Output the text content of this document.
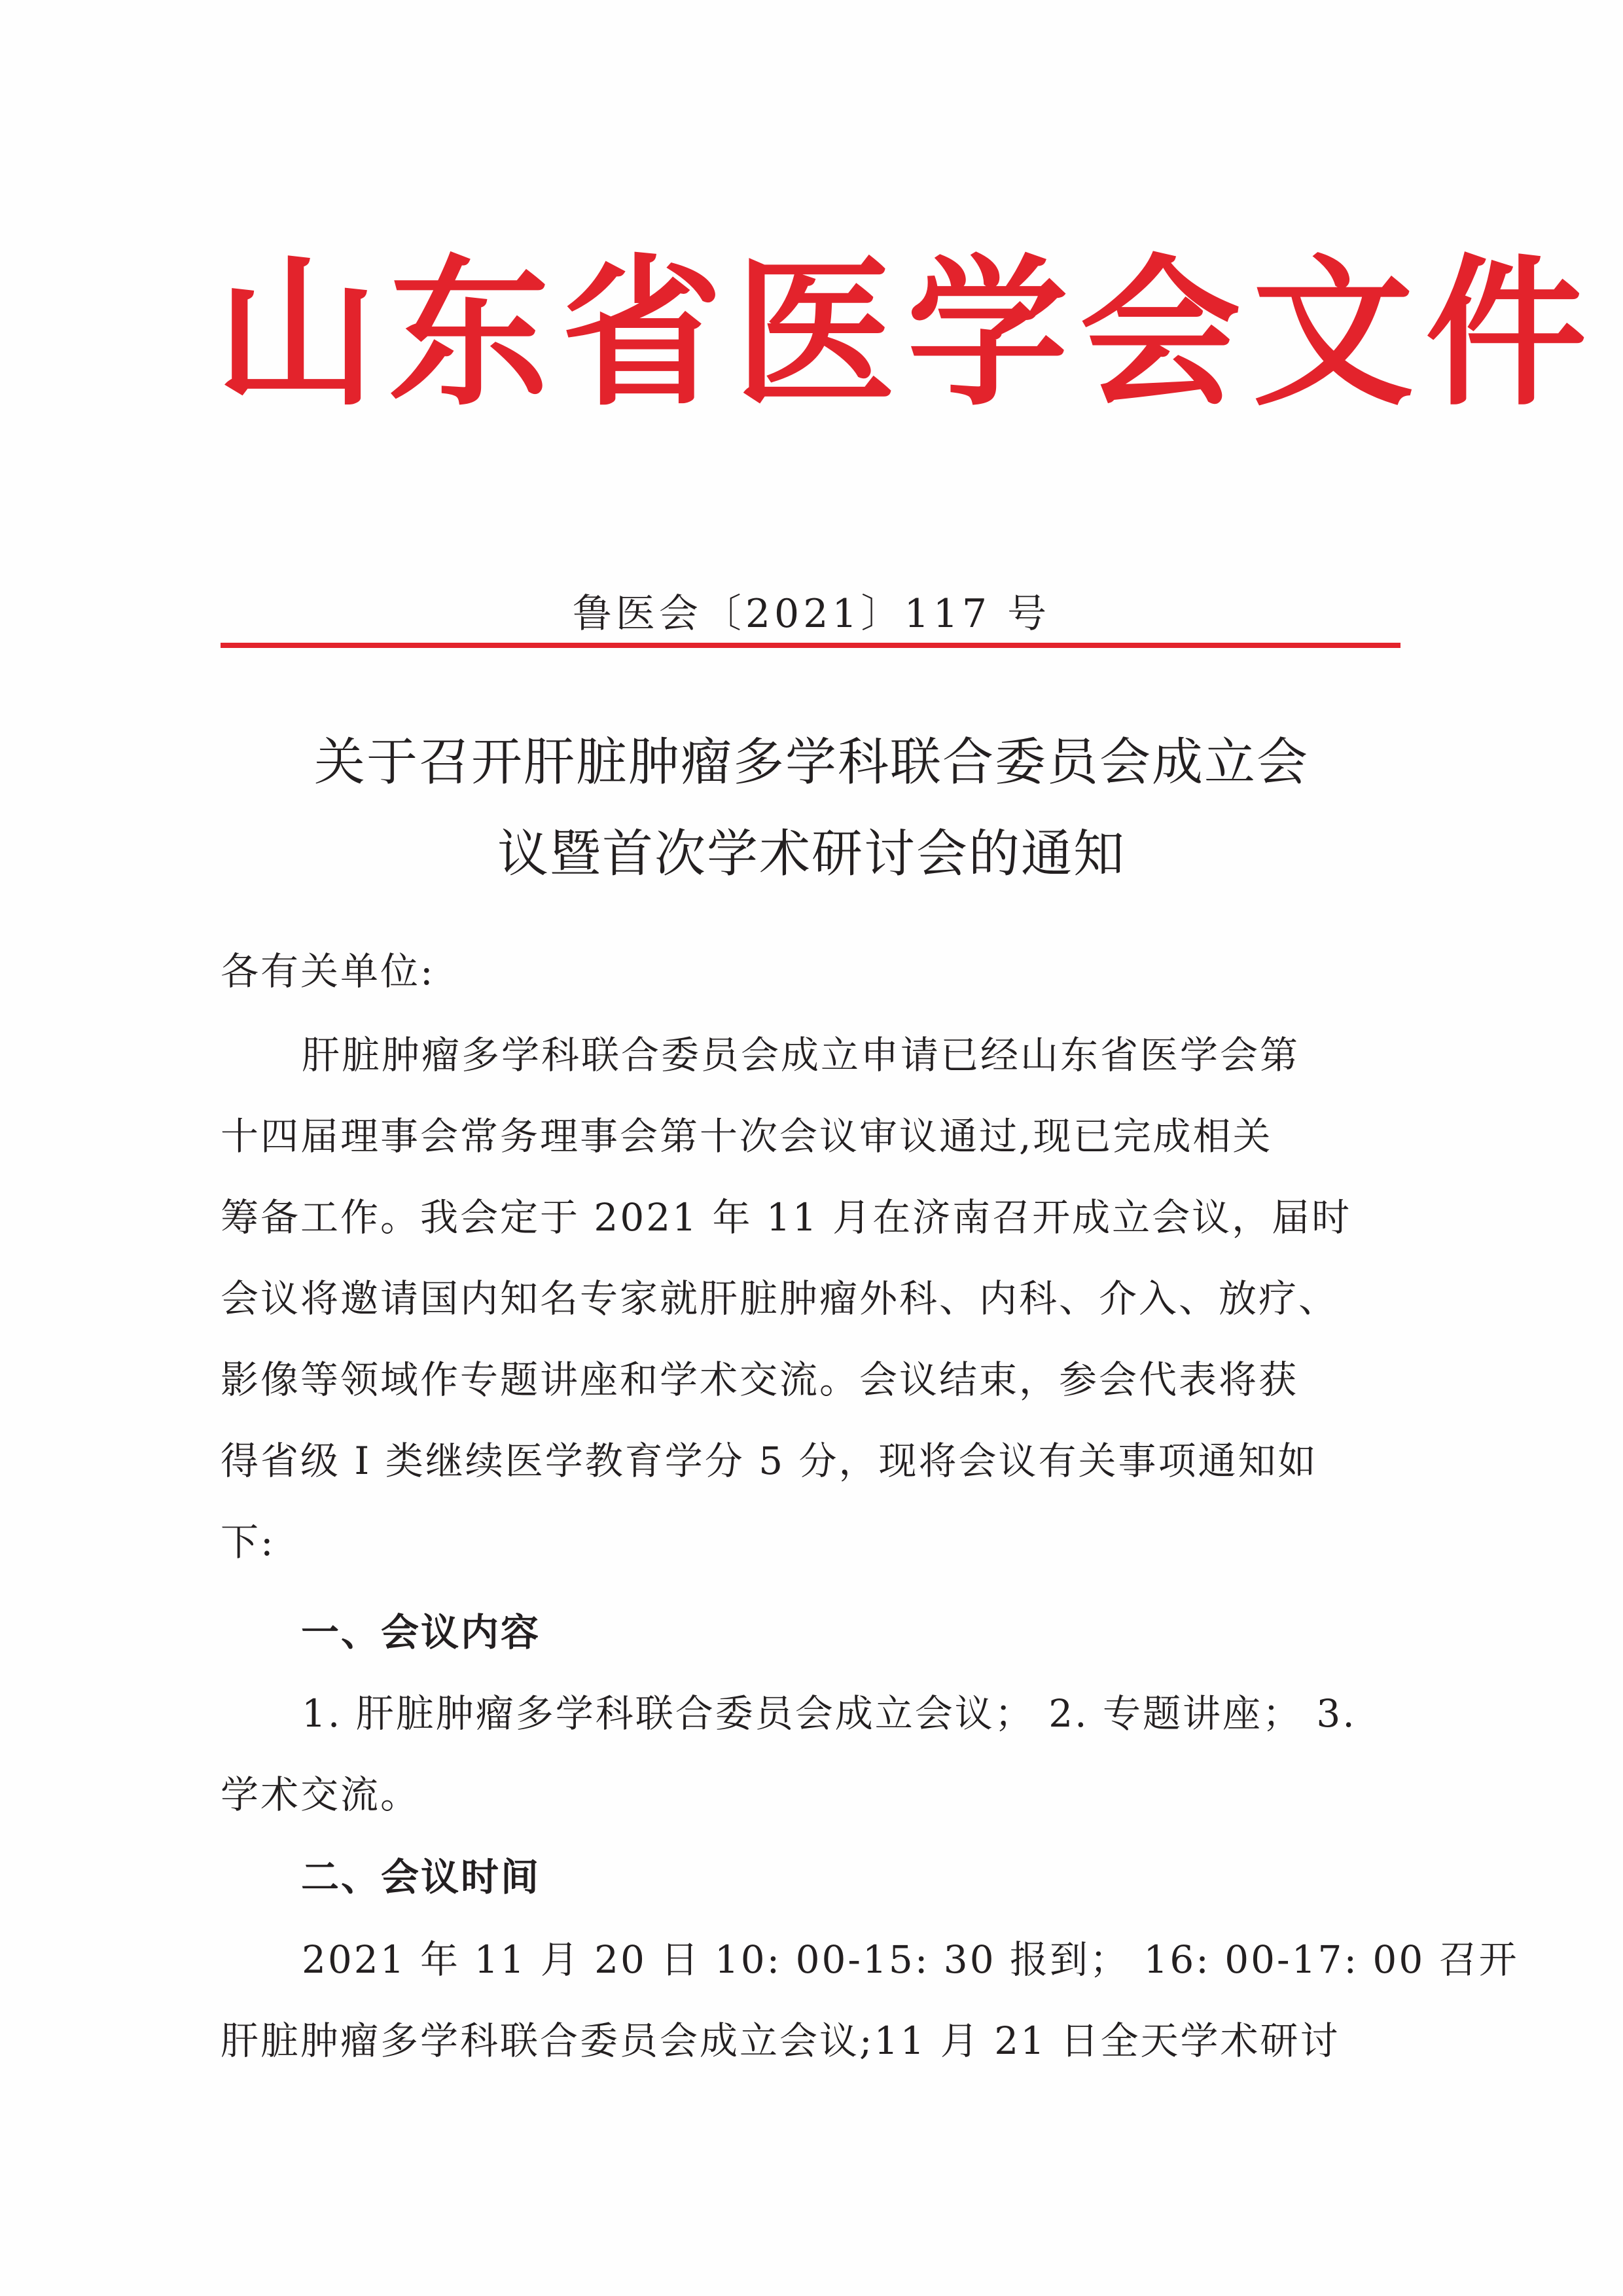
山东省医学会文件
鲁医会〔2021〕117 号
关于召开肝脏肿瘤多学科联合委员会成立会
议暨首次学术研讨会的通知
各有关单位:
肝脏肿瘤多学科联合委员会成立申请已经山东省医学会第
十四届理事会常务理事会第十次会议审议通过,现已完成相关
筹备工作。我会定于 2021 年 11 月在济南召开成立会议，届时
会议将邀请国内知名专家就肝脏肿瘤外科、内科、介入、放疗、
影像等领域作专题讲座和学术交流。会议结束，参会代表将获
得省级 I 类继续医学教育学分 5 分，现将会议有关事项通知如
下:
一、会议内容
1. 肝脏肿瘤多学科联合委员会成立会议； 2. 专题讲座； 3.
学术交流。
二、会议时间
2021 年 11 月 20 日 10: 00-15: 30 报到； 16: 00-17: 00 召开
肝脏肿瘤多学科联合委员会成立会议;11 月 21 日全天学术研讨
